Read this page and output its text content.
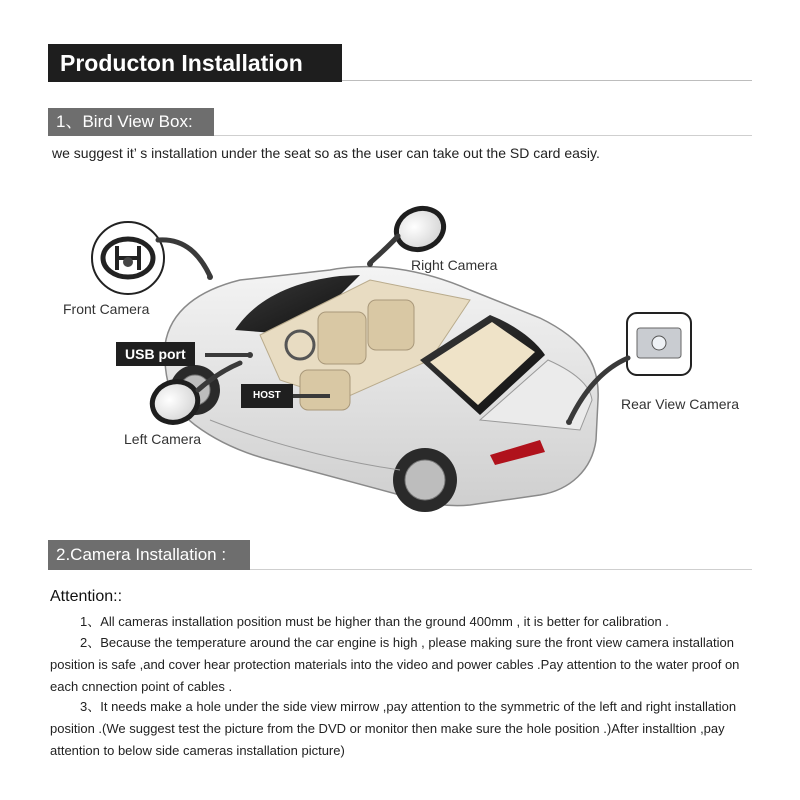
Producton Installation
1、Bird View Box:
we suggest it’ s installation under the seat so as the user can take out the SD card easiy.
Front Camera
Right Camera
Rear View Camera
Left Camera
USB port
HOST
2.Camera Installation :
Attention::
1、All cameras installation position must be higher than the ground 400mm , it is better for calibration .
2、Because the temperature around the car engine is high , please making sure the front view camera installation position is safe ,and cover hear protection materials into the video and power cables .Pay attention to the water proof on each cnnection point of cables .
3、It needs make a hole under the side view mirrow ,pay attention to the symmetric of the left and right installation position .(We suggest test the picture from the DVD or monitor then make sure the hole position .)After installtion ,pay attention to below side cameras installation picture)
